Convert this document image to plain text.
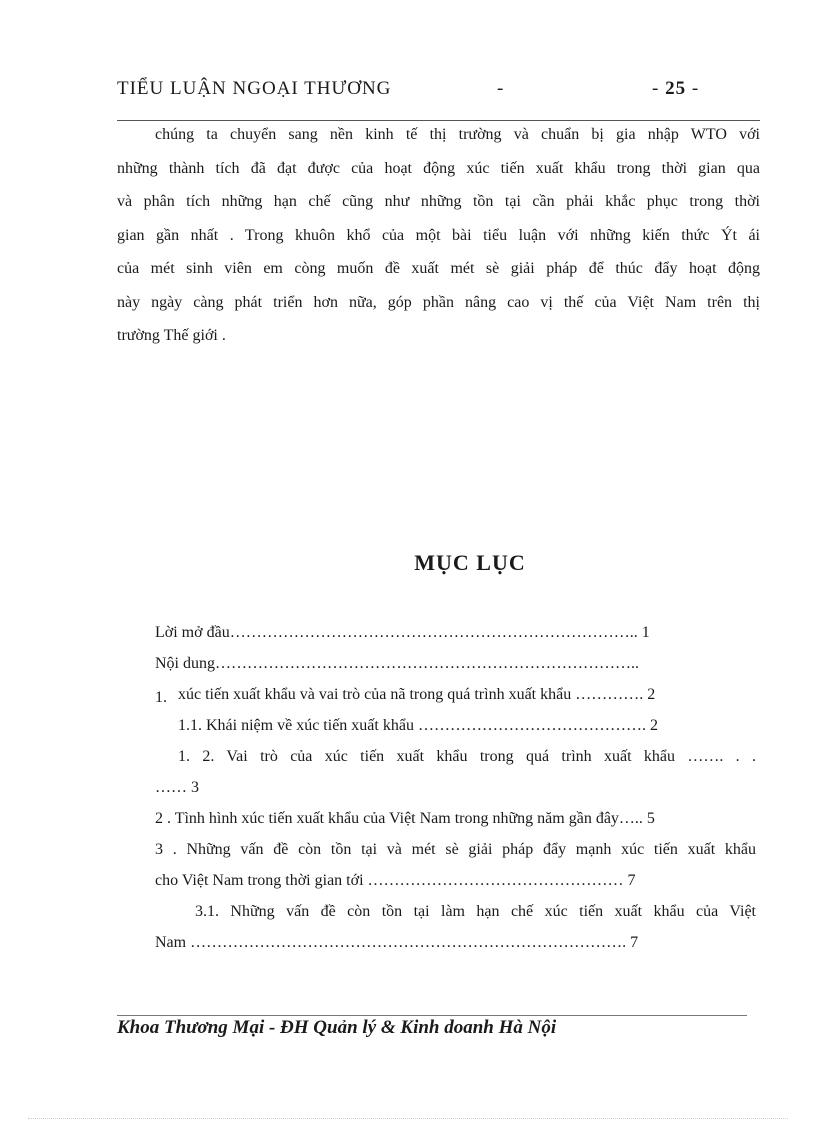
TIỂU LUẬN NGOẠI THƯƠNG	-	- 25 -
chúng ta chuyển sang nền kinh tế thị trường và chuẩn bị gia nhập WTO với
những thành tích đã đạt được của hoạt động xúc tiến xuất khẩu trong thời gian qua
và phân tích những hạn chế cũng như những tồn tại cần phải khắc phục trong thời
gian gần nhất . Trong khuôn khổ của một bài tiểu luận với những kiến thức Ýt ái
của mét sinh viên em còng muốn đề xuất mét sè giải pháp để thúc đẩy hoạt động
này ngày càng phát triển hơn nữa, góp phần nâng cao vị thế của Việt Nam trên thị
trường Thế giới .
MỤC LỤC
Lời mở đầu………………………………………………………………….. 1
Nội dung……………………………………………………………………..
1. xúc tiến xuất khẩu và vai trò của nã trong quá trình xuất khẩu …………. 2
1.1. Khái niệm về xúc tiến xuất khẩu ……………………………………. 2
1. 2. Vai trò của xúc tiến xuất khẩu trong quá trình xuất khẩu ……. . .
…… 3
2 . Tình hình xúc tiến xuất khẩu của Việt Nam trong những năm gần đây….. 5
3 . Những vấn đề còn tồn tại và mét sè giải pháp đẩy mạnh xúc tiến xuất khẩu
cho Việt Nam trong thời gian tới ………………………………………… 7
3.1. Những vấn đề còn tồn tại làm hạn chế xúc tiến xuất khẩu của Việt
Nam ………………………………………………………………………. 7
Khoa Thương Mại - ĐH Quản lý & Kinh doanh Hà Nội
